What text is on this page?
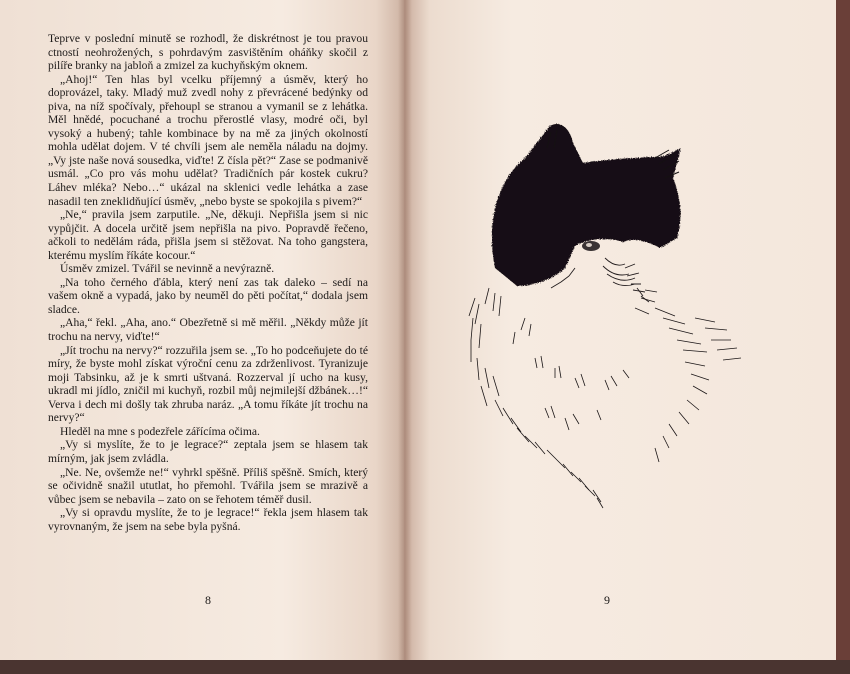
Teprve v poslední minutě se rozhodl, že diskrétnost je tou pravou ctností neohrožených, s pohrdavým zasvištěním oháňky skočil z pilíře branky na jabloň a zmizel za kuchyňským oknem.

„Ahoj!“ Ten hlas byl vcelku příjemný a úsměv, který ho doprovázel, taky. Mladý muž zvedl nohy z převrácené bedýnky od piva, na níž spočívaly, přehoupl se stranou a vymanil se z lehátka. Měl hnědé, pocuchané a trochu přerostlé vlasy, modré oči, byl vysoký a hubený; tahle kombinace by na mě za jiných okolností mohla udělat dojem. V té chvíli jsem ale neměla náladu na dojmy. „Vy jste naše nová sousedka, viďte! Z čísla pět?“ Zase se podmanivě usmál. „Co pro vás mohu udělat? Tradičních pár kostek cukru? Láhev mléka? Nebo…“ ukázal na sklenici vedle lehátka a zase nasadil ten zneklidňující úsměv, „nebo byste se spokojila s pivem?“

„Ne,“ pravila jsem zarputile. „Ne, děkuji. Nepřišla jsem si nic vypůjčit. A docela určitě jsem nepřišla na pivo. Popravdě řečeno, ačkoli to nedělám ráda, přišla jsem si stěžovat. Na toho gangstera, kterému myslím říkáte kocour.“

Úsměv zmizel. Tvářil se nevinně a nevýrazně.

„Na toho černého ďábla, který není zas tak daleko – sedí na vašem okně a vypadá, jako by neuměl do pěti počítat,“ dodala jsem sladce.

„Aha,“ řekl. „Aha, ano.“ Obezřetně si mě měřil. „Někdy může jít trochu na nervy, viďte!“

„Jít trochu na nervy?“ rozzuřila jsem se. „To ho podceňujete do té míry, že byste mohl získat výroční cenu za zdrženlivost. Tyranizuje moji Tabsinku, až je k smrti uštvaná. Rozzerval jí ucho na kusy, ukradl mi jídlo, zničil mi kuchyň, rozbil můj nejmilejší džbánek…!“ Verva i dech mi došly tak zhruba naráz. „A tomu říkáte jít trochu na nervy?“

Hleděl na mne s podezřele zářícíma očima.

„Vy si myslíte, že to je legrace?“ zeptala jsem se hlasem tak mírným, jak jsem zvládla.

„Ne. Ne, ovšemže ne!“ vyhrkl spěšně. Příliš spěšně. Smích, který se očividně snažil ututlat, ho přemohl. Tvářila jsem se mrazivě a vůbec jsem se nebavila – zato on se řehotem téměř dusil.

„Vy si opravdu myslíte, že to je legrace!“ řekla jsem hlasem tak vyrovnaným, že jsem na sebe byla pyšná.

8	9
